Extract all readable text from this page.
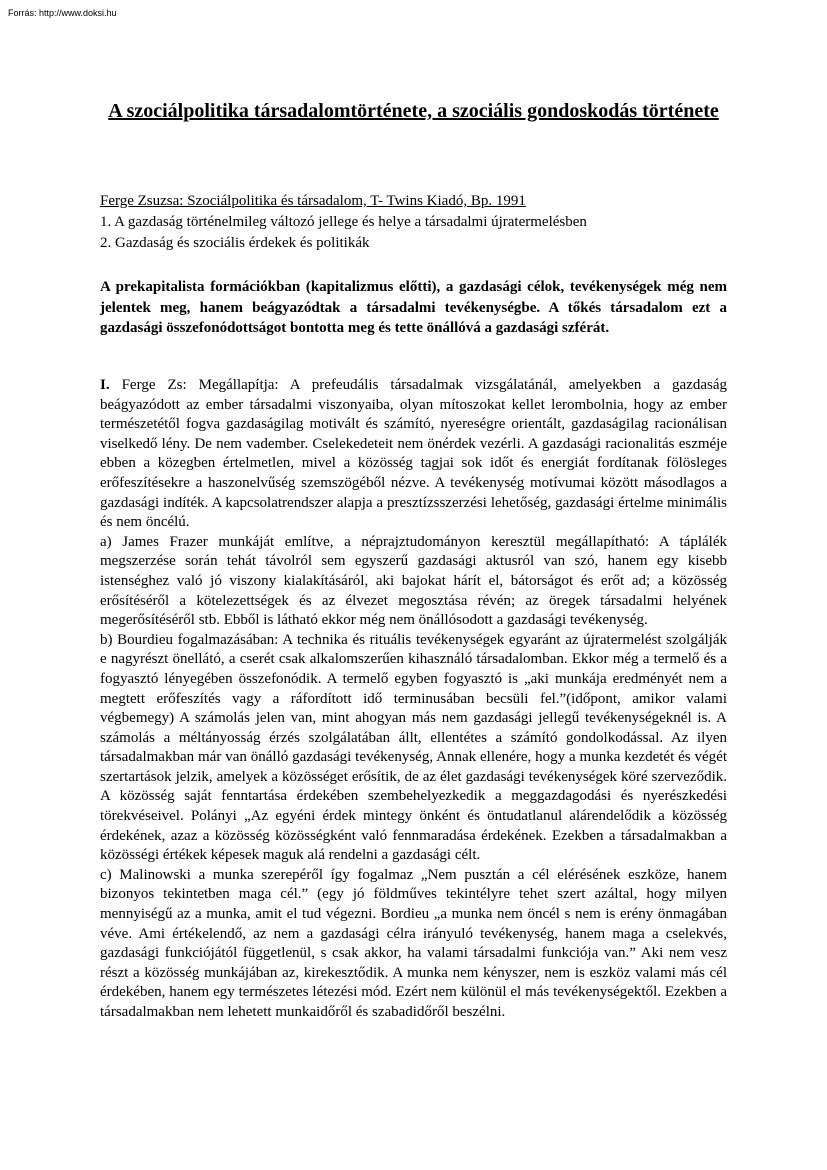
Forrás: http://www.doksi.hu
A szociálpolitika társadalomtörténete, a szociális gondoskodás története
Ferge Zsuzsa: Szociálpolitika és társadalom, T- Twins Kiadó, Bp. 1991
1. A gazdaság történelmileg változó jellege és helye a társadalmi újratermelésben
2. Gazdaság és szociális érdekek és politikák

A prekapitalista formációkban (kapitalizmus előtti), a gazdasági célok, tevékenységek még nem jelentek meg, hanem beágyazódtak a társadalmi tevékenységbe. A tőkés társadalom ezt a gazdasági összefonódottságot bontotta meg és tette önállóvá a gazdasági szférát.

I. Ferge Zs: Megállapítja: A prefeudális társadalmak vizsgálatánál, amelyekben a gazdaság beágyazódott az ember társadalmi viszonyaiba, olyan mítoszokat kellet lerombolnia, hogy az ember természetétől fogva gazdaságilag motivált és számító, nyereségre orientált, gazdaságilag racionálisan viselkedő lény. De nem vadember. Cselekedeteit nem önérdek vezérli. A gazdasági racionalitás eszméje ebben a közegben értelmetlen, mivel a közösség tagjai sok időt és energiát fordítanak fölösleges erőfeszítésekre a haszonelvűség szemszögéből nézve. A tevékenység motívumai között másodlagos a gazdasági indíték. A kapcsolatrendszer alapja a presztízsszerzési lehetőség, gazdasági értelme minimális és nem öncélú.

a) James Frazer munkáját említve, a néprajztudományon keresztül megállapítható: A táplálék megszerzése során tehát távolról sem egyszerű gazdasági aktusról van szó, hanem egy kisebb istenséghez való jó viszony kialakításáról, aki bajokat hárít el, bátorságot és erőt ad; a közösség erősítéséről a kötelezettségek és az élvezet megosztása révén; az öregek társadalmi helyének megerősítéséről stb. Ebből is látható ekkor még nem önállósodott a gazdasági tevékenység.

b) Bourdieu fogalmazásában: A technika és rituális tevékenységek egyaránt az újratermelést szolgálják e nagyrészt önellátó, a cserét csak alkalomszerűen kihasználó társadalomban. Ekkor még a termelő és a fogyasztó lényegében összefonódik. A termelő egyben fogyasztó is „aki munkája eredményét nem a megtett erőfeszítés vagy a ráfordított idő terminusában becsüli fel.”(időpont, amikor valami végbemegy) A számolás jelen van, mint ahogyan más nem gazdasági jellegű tevékenységeknél is. A számolás a méltányosság érzés szolgálatában állt, ellentétes a számító gondolkodással. Az ilyen társadalmakban már van önálló gazdasági tevékenység, Annak ellenére, hogy a munka kezdetét és végét szertartások jelzik, amelyek a közösséget erősítik, de az élet gazdasági tevékenységek köré szerveződik. A közösség saját fenntartása érdekében szembehelyezkedik a meggazdagodási és nyerészkedési törekvéseivel. Polányi „Az egyéni érdek mintegy önként és öntudatlanul alárendelődik a közösség érdekének, azaz a közösség közösségként való fennmaradása érdekének. Ezekben a társadalmakban a közösségi értékek képesek maguk alá rendelni a gazdasági célt.

c) Malinowski a munka szerepéről így fogalmaz „Nem pusztán a cél elérésének eszköze, hanem bizonyos tekintetben maga cél.” (egy jó földműves tekintélyre tehet szert azáltal, hogy milyen mennyiségű az a munka, amit el tud végezni. Bordieu „a munka nem öncél s nem is erény önmagában véve. Ami értékelendő, az nem a gazdasági célra irányuló tevékenység, hanem maga a cselekvés, gazdasági funkciójától függetlenül, s csak akkor, ha valami társadalmi funkciója van.” Aki nem vesz részt a közösség munkájában az, kirekesztődik. A munka nem kényszer, nem is eszköz valami más cél érdekében, hanem egy természetes létezési mód. Ezért nem különül el más tevékenységektől. Ezekben a társadalmakban nem lehetett munkaidőről és szabadidőről beszélni.
